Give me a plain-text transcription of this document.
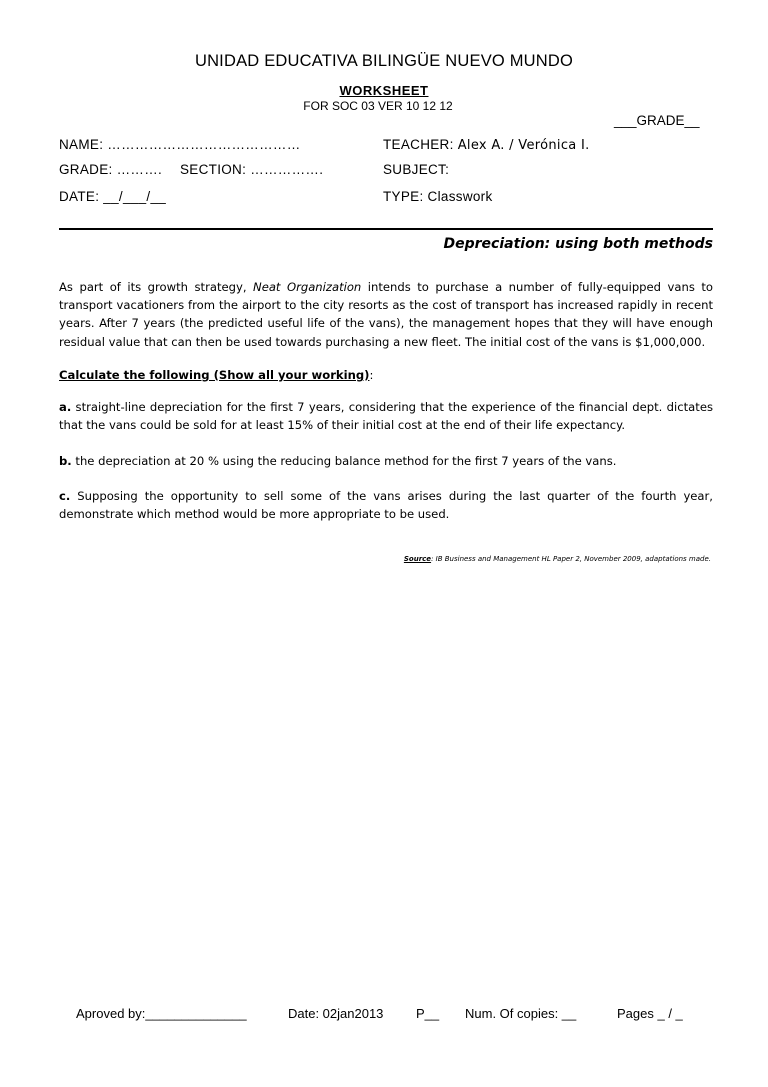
UNIDAD EDUCATIVA BILINGÜE NUEVO MUNDO
WORKSHEET
FOR SOC 03 VER 10 12 12
___GRADE__
NAME: ……………………………………	TEACHER: Alex A. / Verónica I.
GRADE: ………. SECTION: …………….	SUBJECT:
DATE: __/___/__	TYPE: Classwork
Depreciation: using both methods
As part of its growth strategy, Neat Organization intends to purchase a number of fully-equipped vans to transport vacationers from the airport to the city resorts as the cost of transport has increased rapidly in recent years. After 7 years (the predicted useful life of the vans), the management hopes that they will have enough residual value that can then be used towards purchasing a new fleet. The initial cost of the vans is $1,000,000.
Calculate the following (Show all your working):
a. straight-line depreciation for the first 7 years, considering that the experience of the financial dept. dictates that the vans could be sold for at least 15% of their initial cost at the end of their life expectancy.
b. the depreciation at 20 % using the reducing balance method for the first 7 years of the vans.
c. Supposing the opportunity to sell some of the vans arises during the last quarter of the fourth year, demonstrate which method would be more appropriate to be used.
Source: IB Business and Management HL Paper 2, November 2009, adaptations made.
Aproved by:______________	Date: 02jan2013	P__ Num. Of copies: __	Pages _ / _
